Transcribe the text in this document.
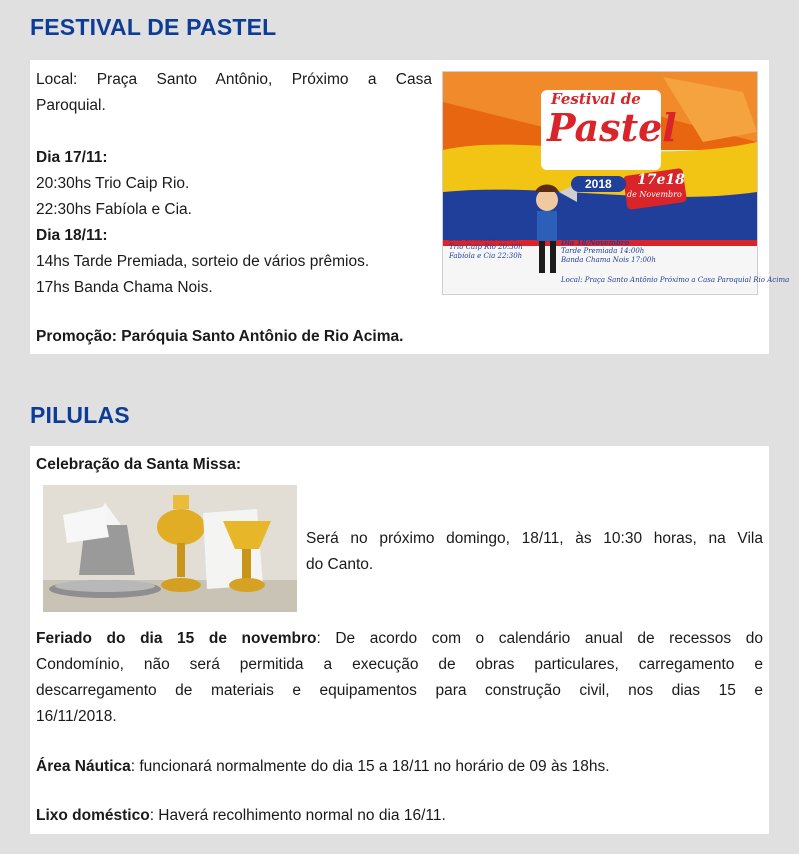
FESTIVAL DE PASTEL

Local: Praça Santo Antônio, Próximo a Casa

Paroquial.

Dia 17/11:

20:30hs Trio Caip Rio.

22:30hs Fabíola e Cia.

Dia 18/11:

14hs Tarde Premiada, sorteio de vários prêmios.

17hs Banda Chama Nois.

Promoção: Paróquia Santo Antônio de Rio Acima.

Festival de
Pastel
2018	17e18
de Novembro
Dia 17/Novembro
Trio Caip Rio 20:30h
Fabíola e Cia 22:30h
Dia 18/Novembro
Tarde Premiada 14:00h
Banda Chama Nois 17:00h
Local: Praça Santo Antônio Próximo a Casa Paroquial Rio Acima
PILULAS

Celebração da Santa Missa:

Será no próximo domingo, 18/11, às 10:30 horas, na Vila

do Canto.

Feriado do dia 15 de novembro: De acordo com o calendário anual de recessos do

Condomínio, não será permitida a execução de obras particulares, carregamento e

descarregamento de materiais e equipamentos para construção civil, nos dias 15 e

16/11/2018.

Área Náutica: funcionará normalmente do dia 15 a 18/11 no horário de 09 às 18hs.

Lixo doméstico: Haverá recolhimento normal no dia 16/11.
